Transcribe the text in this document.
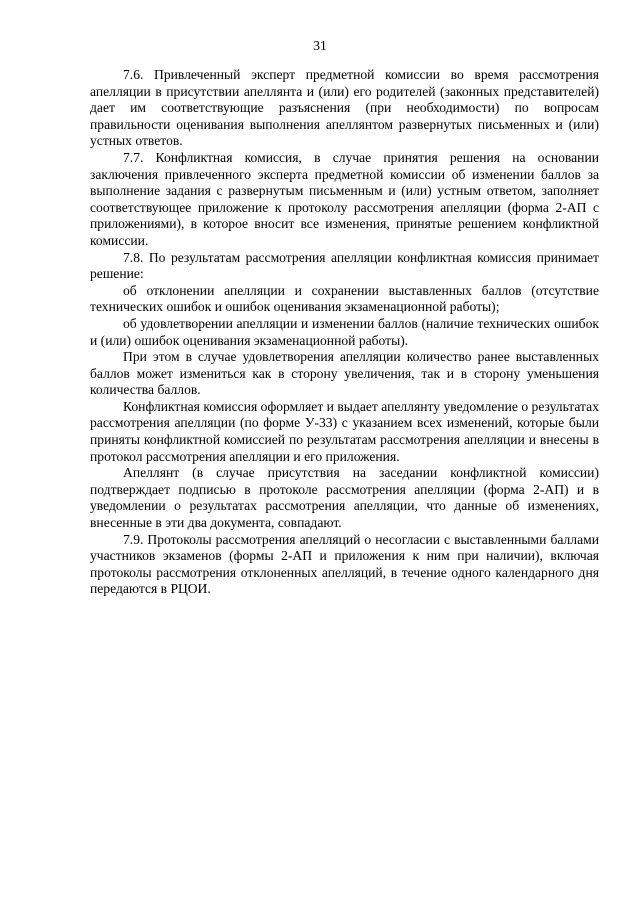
31

7.6. Привлеченный эксперт предметной комиссии во время рассмотрения апелляции в присутствии апеллянта и (или) его родителей (законных представителей) дает им соответствующие разъяснения (при необходимости) по вопросам правильности оценивания выполнения апеллянтом развернутых письменных и (или) устных ответов.

7.7. Конфликтная комиссия, в случае принятия решения на основании заключения привлеченного эксперта предметной комиссии об изменении баллов за выполнение задания с развернутым письменным и (или) устным ответом, заполняет соответствующее приложение к протоколу рассмотрения апелляции (форма 2-АП с приложениями), в которое вносит все изменения, принятые решением конфликтной комиссии.

7.8. По результатам рассмотрения апелляции конфликтная комиссия принимает решение:

об отклонении апелляции и сохранении выставленных баллов (отсутствие технических ошибок и ошибок оценивания экзаменационной работы);

об удовлетворении апелляции и изменении баллов (наличие технических ошибок и (или) ошибок оценивания экзаменационной работы).

При этом в случае удовлетворения апелляции количество ранее выставленных баллов может измениться как в сторону увеличения, так и в сторону уменьшения количества баллов.

Конфликтная комиссия оформляет и выдает апеллянту уведомление о результатах рассмотрения апелляции (по форме У-33) с указанием всех изменений, которые были приняты конфликтной комиссией по результатам рассмотрения апелляции и внесены в протокол рассмотрения апелляции и его приложения.

Апеллянт (в случае присутствия на заседании конфликтной комиссии) подтверждает подписью в протоколе рассмотрения апелляции (форма 2-АП) и в уведомлении о результатах рассмотрения апелляции, что данные об изменениях, внесенные в эти два документа, совпадают.

7.9. Протоколы рассмотрения апелляций о несогласии с выставленными баллами участников экзаменов (формы 2-АП и приложения к ним при наличии), включая протоколы рассмотрения отклоненных апелляций, в течение одного календарного дня передаются в РЦОИ.
